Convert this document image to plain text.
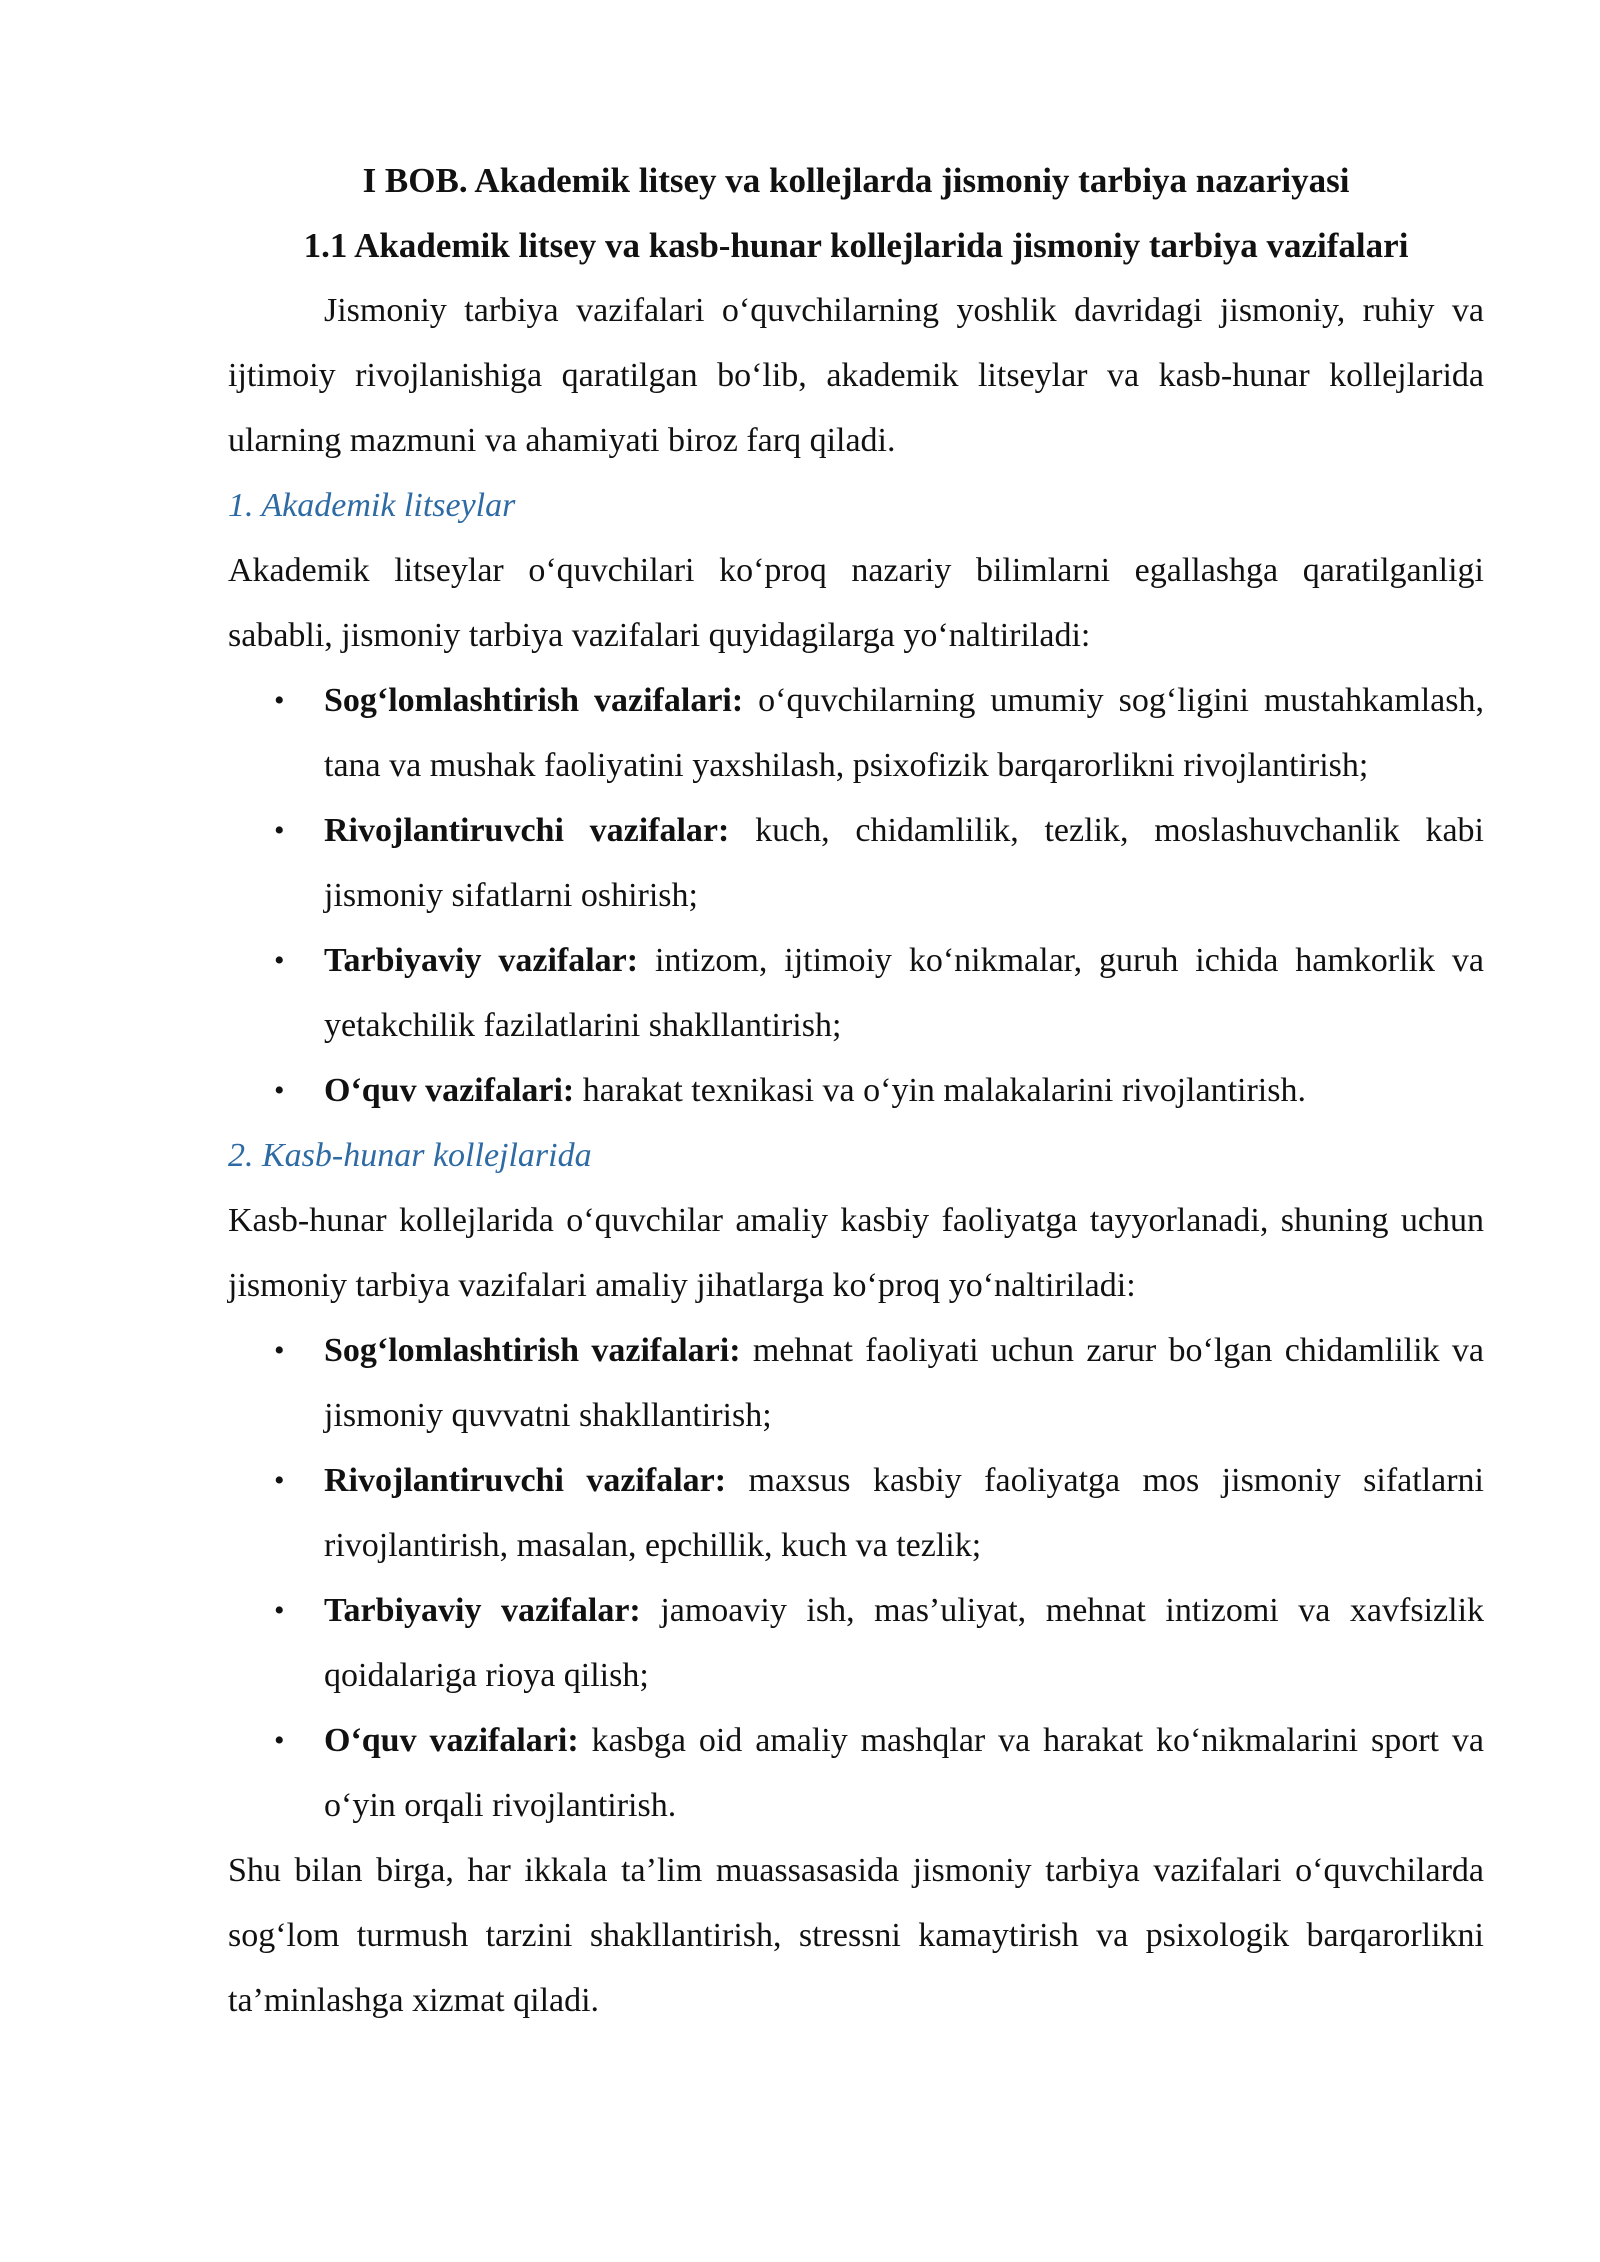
I BOB. Akademik litsey va kollejlarda jismoniy tarbiya nazariyasi
1.1 Akademik litsey va kasb-hunar kollejlarida jismoniy tarbiya vazifalari

Jismoniy tarbiya vazifalari o‘quvchilarning yoshlik davridagi jismoniy, ruhiy va ijtimoiy rivojlanishiga qaratilgan bo‘lib, akademik litseylar va kasb-hunar kollejlarida ularning mazmuni va ahamiyati biroz farq qiladi.

1. Akademik litseylar

Akademik litseylar o‘quvchilari ko‘proq nazariy bilimlarni egallashga qaratilganligi sababli, jismoniy tarbiya vazifalari quyidagilarga yo‘naltiriladi:

• Sog‘lomlashtirish vazifalari: o‘quvchilarning umumiy sog‘ligini mustahkamlash, tana va mushak faoliyatini yaxshilash, psixofizik barqarorlikni rivojlantirish;
• Rivojlantiruvchi vazifalar: kuch, chidamlilik, tezlik, moslashuvchanlik kabi jismoniy sifatlarni oshirish;
• Tarbiyaviy vazifalar: intizom, ijtimoiy ko‘nikmalar, guruh ichida hamkorlik va yetakchilik fazilatlarini shakllantirish;
• O‘quv vazifalari: harakat texnikasi va o‘yin malakalarini rivojlantirish.

2. Kasb-hunar kollejlarida

Kasb-hunar kollejlarida o‘quvchilar amaliy kasbiy faoliyatga tayyorlanadi, shuning uchun jismoniy tarbiya vazifalari amaliy jihatlarga ko‘proq yo‘naltiriladi:

• Sog‘lomlashtirish vazifalari: mehnat faoliyati uchun zarur bo‘lgan chidamlilik va jismoniy quvvatni shakllantirish;
• Rivojlantiruvchi vazifalar: maxsus kasbiy faoliyatga mos jismoniy sifatlarni rivojlantirish, masalan, epchillik, kuch va tezlik;
• Tarbiyaviy vazifalar: jamoaviy ish, mas’uliyat, mehnat intizomi va xavfsizlik qoidalariga rioya qilish;
• O‘quv vazifalari: kasbga oid amaliy mashqlar va harakat ko‘nikmalarini sport va o‘yin orqali rivojlantirish.

Shu bilan birga, har ikkala ta’lim muassasasida jismoniy tarbiya vazifalari o‘quvchilarda sog‘lom turmush tarzini shakllantirish, stressni kamaytirish va psixologik barqarorlikni ta’minlashga xizmat qiladi.
